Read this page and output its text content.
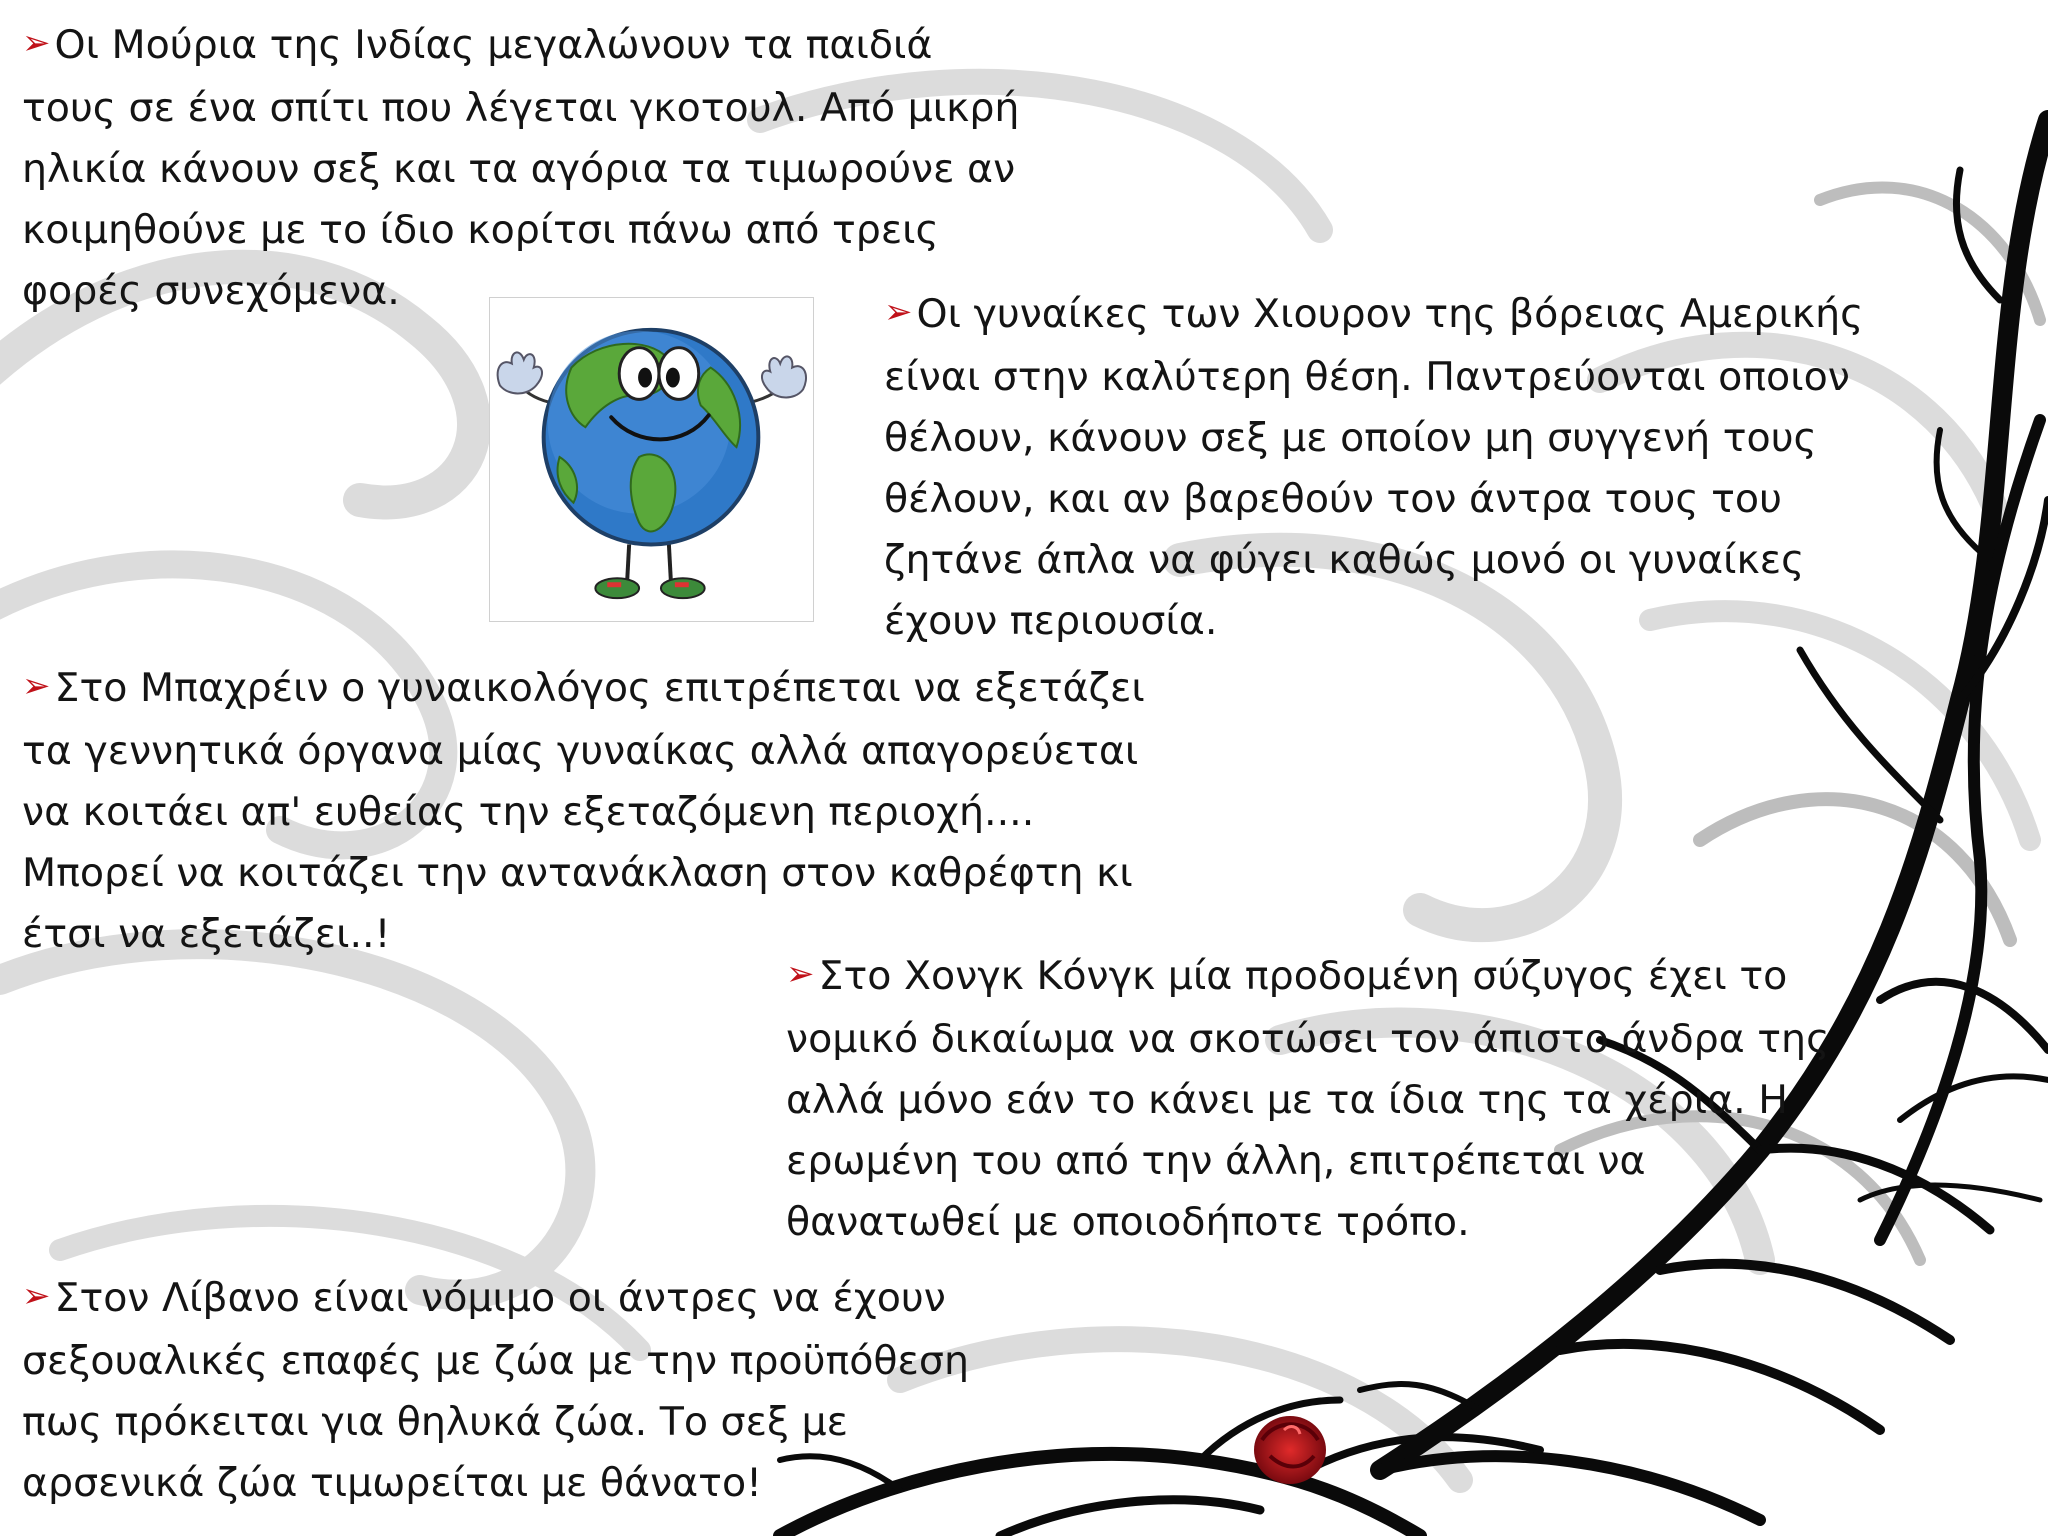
➢ Οι Μούρια της Ινδίας μεγαλώνουν τα παιδιά
τους σε ένα σπίτι που λέγεται γκοτουλ. Από μικρή
ηλικία κάνουν σεξ και τα αγόρια τα τιμωρούνε αν
κοιμηθούνε με το ίδιο κορίτσι πάνω από τρεις
φορές συνεχόμενα.	➢ Οι γυναίκες των Χιουρον της βόρειας Αμερικής
είναι στην καλύτερη θέση. Παντρεύονται οποιον
θέλουν, κάνουν σεξ με οποίον μη συγγενή τους
θέλουν, και αν βαρεθούν τον άντρα τους του
ζητάνε άπλα να φύγει καθώς μονό οι γυναίκες
έχουν περιουσία.
➢ Στο Μπαχρέιν ο γυναικολόγος επιτρέπεται να εξετάζει
τα γεννητικά όργανα μίας γυναίκας αλλά απαγορεύεται
να κοιτάει απ' ευθείας την εξεταζόμενη περιοχή....
Μπορεί να κοιτάζει την αντανάκλαση στον καθρέφτη κι
έτσι να εξετάζει..!
➢ Στο Χονγκ Κόνγκ μία προδομένη σύζυγος έχει το
νομικό δικαίωμα να σκοτώσει τον άπιστο άνδρα της
αλλά μόνο εάν το κάνει με τα ίδια της τα χέρια. Η
ερωμένη του από την άλλη, επιτρέπεται να
θανατωθεί με οποιοδήποτε τρόπο.
➢ Στον Λίβανο είναι νόμιμο οι άντρες να έχουν
σεξουαλικές επαφές με ζώα με την προϋπόθεση
πως πρόκειται για θηλυκά ζώα. Το σεξ με
αρσενικά ζώα τιμωρείται με θάνατο!
